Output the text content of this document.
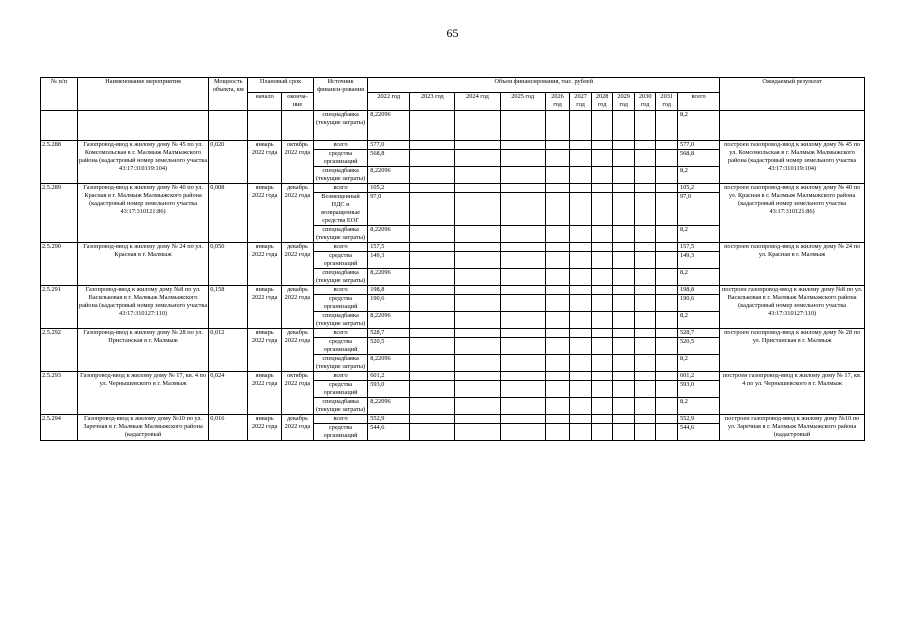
65
№ п/п	Наименование мероприятия	Мощность объекта, км	Плановый срок		Источник финанси-рования	Объем финансирования, тыс. рублей											Ожидаемый результат
			начало	оконча-ние		2022 год	2023 год	2024 год	2025 год	2026 год	2027 год	2028 год	2029 год	2030 год	2031 год	всего	
					спецнадбавка (текущие затраты)	8,22096										8,2	
2.5.288	Газопровод-ввод к жилому дому № 45 по ул. Комсомольская в г. Малмыж Малмыжского района (кадастровый номер земельного участка 43:17:310119:104)	0,020	январь 2022 года	октябрь 2022 года	всего	577,0										577,0	построен газопровод-ввод к жилому дому № 45 по ул. Комсомольская в г. Малмыж Малмыжского района (кадастровый номер земельного участка 43:17:310119:104)
					средства организаций	568,8										568,8	
					спецнадбавка (текущие затраты)	8,22096										8,2	
2.5.289	Газопровод-ввод к жилому дому № 40 по ул. Красная в г. Малмыж Малмыжского района (кадастровый номер земельного участка 43:17:310121:86)	0,008	январь 2022 года	декабрь 2022 года	всего	105,2										105,2	построен газопровод-ввод к жилому дому № 40 по ул. Красная в г. Малмыж Малмыжского района (кадастровый номер земельного участка 43:17:310121:86)
					Возмещенный НДС и возвращенные средства ЕОГ	97,0										97,0	
					спецнадбавка (текущие затраты)	8,22096										8,2	
2.5.290	Газопровод-ввод к жилому дому № 24 по ул. Красная в г. Малмыж	0,050	январь 2022 года	декабрь 2022 года	всего	157,5										157,5	построен газопровод-ввод к жилому дому № 24 по ул. Красная в г. Малмыж
					средства организаций	149,3										149,3	
					спецнадбавка (текущие затраты)	8,22096										8,2	
2.5.291	Газопровод-ввод к жилому дому №8 по ул. Васильковая в г. Малмыж Малмыжского района (кадастровый номер земельного участка 43:17:310127:110)	0,158	январь 2022 года	декабрь 2022 года	всего	198,8										198,8	построен газопровод-ввод к жилому дому №8 по ул. Васильковая в г. Малмыж Малмыжского района (кадастровый номер земельного участка 43:17:310127:110)
					средства организаций	190,6										190,6	
					спецнадбавка (текущие затраты)	8,22096										8,2	
2.5.292	Газопровод-ввод к жилому дому № 28 по ул. Пристанская в г. Малмыж	0,012	январь 2022 года	декабрь 2022 года	всего	528,7										528,7	построен газопровод-ввод к жилому дому № 28 по ул. Пристанская в г. Малмыж
					средства организаций	520,5										520,5	
					спецнадбавка (текущие затраты)	8,22096										8,2	
2.5.293	Газопровод-ввод к жилому дому № 17, кв. 4 по ул. Чернышевского в г. Малмыж	0,024	январь 2022 года	октябрь 2022 года	всего	601,2										601,2	построен газопровод-ввод к жилому дому № 17, кв. 4 по ул. Чернышевского в г. Малмыж
					средства организаций	593,0										593,0	
					спецнадбавка (текущие затраты)	8,22096										8,2	
2.5.294	Газопровод-ввод к жилому дому №10 по ул. Заречная в г. Малмыж Малмыжского района (кадастровый	0,016	январь 2022 года	декабрь 2022 года	всего	552,9										552,9	построен газопровод-ввод к жилому дому №10 по ул. Заречная в г. Малмыж Малмыжского района (кадастровый
					средства организаций	544,6										544,6	
